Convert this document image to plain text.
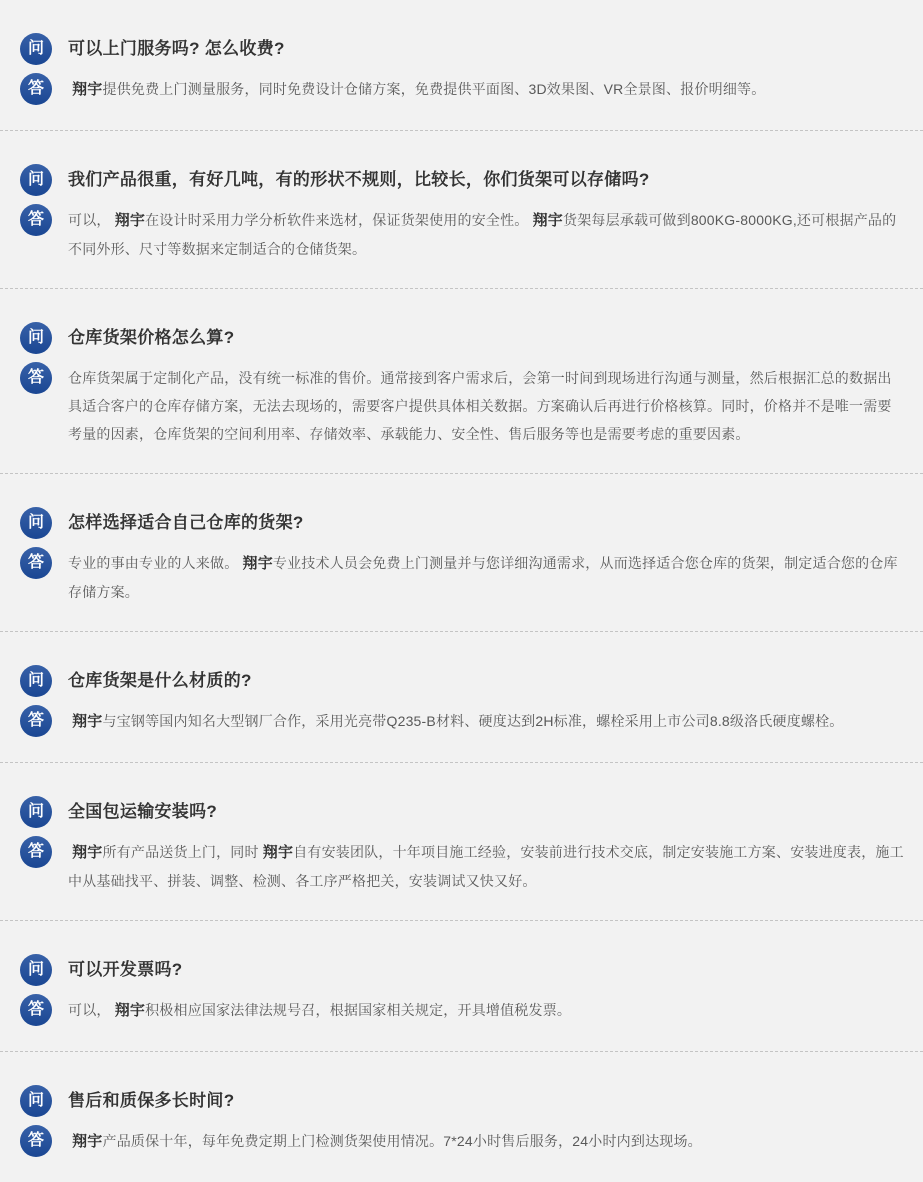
问	可以上门服务吗? 怎么收费?
答	翔宇提供免费上门测量服务，同时免费设计仓储方案，免费提供平面图、3D效果图、VR全景图、报价明细等。

问	我们产品很重，有好几吨，有的形状不规则，比较长，你们货架可以存储吗?
答	可以， 翔宇在设计时采用力学分析软件来选材，保证货架使用的安全性。 翔宇货架每层承载可做到800KG-8000KG,还可根据产品的不同外形、尺寸等数据来定制适合的仓储货架。

问	仓库货架价格怎么算?
答	仓库货架属于定制化产品，没有统一标准的售价。通常接到客户需求后，会第一时间到现场进行沟通与测量，然后根据汇总的数据出具适合客户的仓库存储方案，无法去现场的，需要客户提供具体相关数据。方案确认后再进行价格核算。同时，价格并不是唯一需要考量的因素，仓库货架的空间利用率、存储效率、承载能力、安全性、售后服务等也是需要考虑的重要因素。

问	怎样选择适合自己仓库的货架?
答	专业的事由专业的人来做。 翔宇专业技术人员会免费上门测量并与您详细沟通需求，从而选择适合您仓库的货架，制定适合您的仓库存储方案。

问	仓库货架是什么材质的?
答	翔宇与宝钢等国内知名大型钢厂合作，采用光亮带Q235-B材料、硬度达到2H标准，螺栓采用上市公司8.8级洛氏硬度螺栓。

问	全国包运输安装吗?
答	翔宇所有产品送货上门，同时 翔宇自有安装团队，十年项目施工经验，安装前进行技术交底，制定安装施工方案、安装进度表，施工中从基础找平、拼装、调整、检测、各工序严格把关，安装调试又快又好。

问	可以开发票吗?
答	可以， 翔宇积极相应国家法律法规号召，根据国家相关规定，开具增值税发票。

问	售后和质保多长时间?
答	翔宇产品质保十年，每年免费定期上门检测货架使用情况。7*24小时售后服务，24小时内到达现场。
